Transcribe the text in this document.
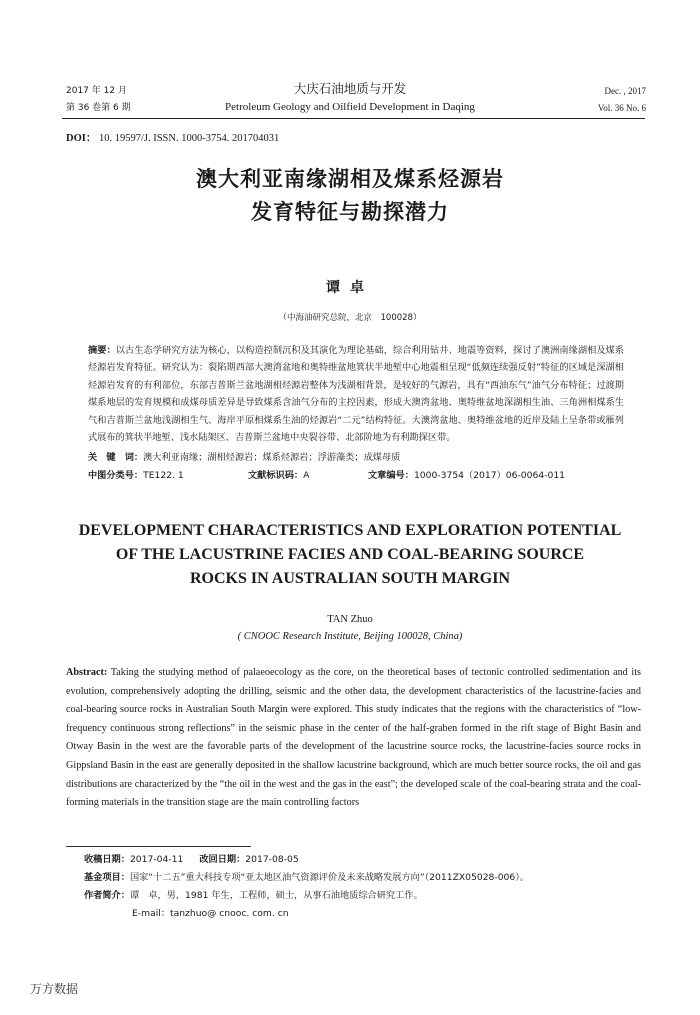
2017 年 12 月
第 36 卷第 6 期
大庆石油地质与开发
Petroleum Geology and Oilfield Development in Daqing
Dec. , 2017
Vol. 36 No. 6
DOI： 10. 19597/J. ISSN. 1000-3754. 201704031
澳大利亚南缘湖相及煤系烃源岩
发育特征与勘探潜力
谭卓
（中海油研究总院，北京　100028）
摘要：以古生态学研究方法为核心，以构造控制沉积及其演化为理论基础，综合利用钻井、地震等资料，探讨了澳洲南缘湖相及煤系烃源岩发育特征。研究认为：裂陷期西部大澳湾盆地和奥特维盆地箕状半地堑中心地震相呈现“低频连续强反射”特征的区域是深湖相烃源岩发育的有利部位，东部吉普斯兰盆地湖相烃源岩整体为浅湖相背景，是较好的气源岩，具有“西油东气”油气分布特征；过渡期煤系地层的发育规模和成煤母质差异是导致煤系含油气分布的主控因素，形成大澳湾盆地、奥特维盆地深湖相生油、三角洲相煤系生气和吉普斯兰盆地浅湖相生气、海岸平原相煤系生油的烃源岩“二元”结构特征。大澳湾盆地、奥特维盆地的近岸及陆上呈条带或雁列式展布的箕状半地堑、浅水陆架区、吉普斯兰盆地中央裂谷带、北部阶地为有利勘探区带。
关　键　词：澳大利亚南缘；湖相烃源岩；煤系烃源岩；浮游藻类；成煤母质
中图分类号：TE122. 1	文献标识码：A	文章编号：1000-3754（2017）06-0064-011
DEVELOPMENT CHARACTERISTICS AND EXPLORATION POTENTIAL
OF THE LACUSTRINE FACIES AND COAL-BEARING SOURCE
ROCKS IN AUSTRALIAN SOUTH MARGIN
TAN Zhuo
( CNOOC Research Institute, Beijing 100028, China)
Abstract: Taking the studying method of palaeoecology as the core, on the theoretical bases of tectonic controlled sedimentation and its evolution, comprehensively adopting the drilling, seismic and the other data, the development characteristics of the lacustrine-facies and coal-bearing source rocks in Australian South Margin were explored. This study indicates that the regions with the characteristics of “low-frequency continuous strong reflections” in the seismic phase in the center of the half-graben formed in the rift stage of Bight Basin and Otway Basin in the west are the favorable parts of the development of the lacustrine source rocks, the lacustrine-facies source rocks in Gippsland Basin in the east are generally deposited in the shallow lacustrine background, which are much better source rocks, the oil and gas distributions are characterized by the “the oil in the west and the gas in the east”; the developed scale of the coal-bearing strata and the coal-forming materials in the transition stage are the main controlling factors
收稿日期：2017-04-11 改回日期：2017-08-05
基金项目：国家“十二五”重大科技专项“亚太地区油气资源评价及未来战略发展方向”（2011ZX05028-006）。
作者简介：谭　卓，男，1981 年生，工程师，硕士，从事石油地质综合研究工作。
E-mail：tanzhuo@ cnooc. com. cn
万方数据
